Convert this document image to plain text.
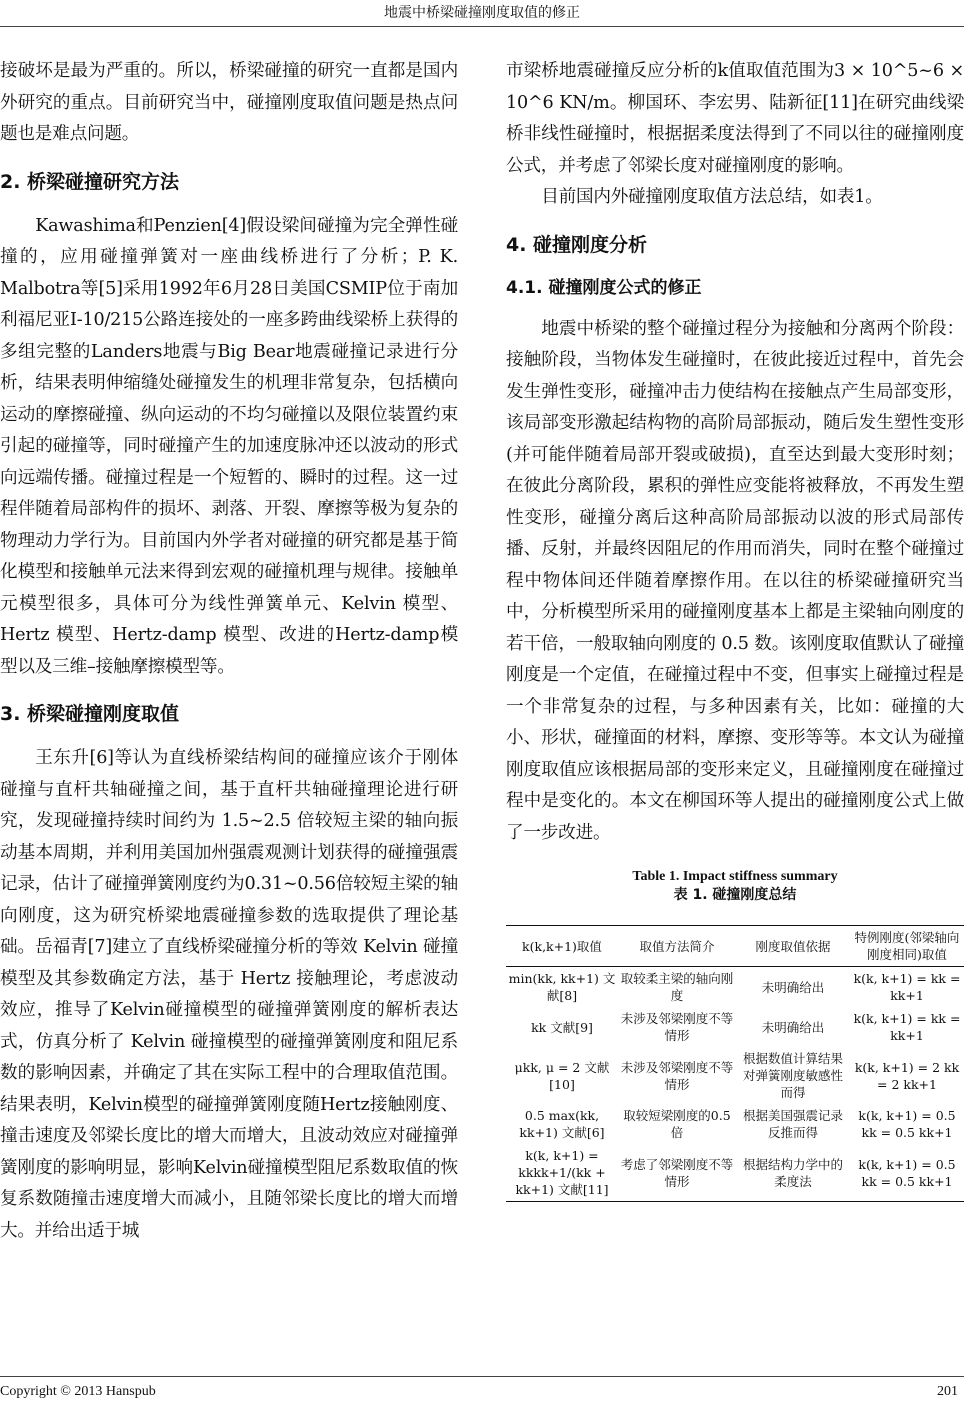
地震中桥梁碰撞刚度取值的修正

接破坏是最为严重的。所以，桥梁碰撞的研究一直都是国内外研究的重点。目前研究当中，碰撞刚度取值问题是热点问题也是难点问题。

2. 桥梁碰撞研究方法

Kawashima和Penzien[4]假设梁间碰撞为完全弹性碰撞的，应用碰撞弹簧对一座曲线桥进行了分析；P. K. Malbotra等[5]采用1992年6月28日美国CSMIP位于南加利福尼亚I-10/215公路连接处的一座多跨曲线梁桥上获得的多组完整的Landers地震与Big Bear地震碰撞记录进行分析，结果表明伸缩缝处碰撞发生的机理非常复杂，包括横向运动的摩擦碰撞、纵向运动的不均匀碰撞以及限位装置约束引起的碰撞等，同时碰撞产生的加速度脉冲还以波动的形式向远端传播。碰撞过程是一个短暂的、瞬时的过程。这一过程伴随着局部构件的损坏、剥落、开裂、摩擦等极为复杂的物理动力学行为。目前国内外学者对碰撞的研究都是基于简化模型和接触单元法来得到宏观的碰撞机理与规律。接触单元模型很多，具体可分为线性弹簧单元、Kelvin 模型、Hertz 模型、Hertz-damp 模型、改进的Hertz-damp模型以及三维–接触摩擦模型等。

3. 桥梁碰撞刚度取值

王东升[6]等认为直线桥梁结构间的碰撞应该介于刚体碰撞与直杆共轴碰撞之间，基于直杆共轴碰撞理论进行研究，发现碰撞持续时间约为 1.5~2.5 倍较短主梁的轴向振动基本周期，并利用美国加州强震观测计划获得的碰撞强震记录，估计了碰撞弹簧刚度约为0.31~0.56倍较短主梁的轴向刚度，这为研究桥梁地震碰撞参数的选取提供了理论基础。岳福青[7]建立了直线桥梁碰撞分析的等效 Kelvin 碰撞模型及其参数确定方法，基于 Hertz 接触理论，考虑波动效应，推导了Kelvin碰撞模型的碰撞弹簧刚度的解析表达式，仿真分析了 Kelvin 碰撞模型的碰撞弹簧刚度和阻尼系数的影响因素，并确定了其在实际工程中的合理取值范围。结果表明，Kelvin模型的碰撞弹簧刚度随Hertz接触刚度、撞击速度及邻梁长度比的增大而增大，且波动效应对碰撞弹簧刚度的影响明显，影响Kelvin碰撞模型阻尼系数取值的恢复系数随撞击速度增大而减小，且随邻梁长度比的增大而增大。并给出适于城

市梁桥地震碰撞反应分析的k值取值范围为3 × 10^5~6 × 10^6 KN/m。柳国环、李宏男、陆新征[11]在研究曲线梁桥非线性碰撞时，根据据柔度法得到了不同以往的碰撞刚度公式，并考虑了邻梁长度对碰撞刚度的影响。

目前国内外碰撞刚度取值方法总结，如表1。

4. 碰撞刚度分析
4.1. 碰撞刚度公式的修正

地震中桥梁的整个碰撞过程分为接触和分离两个阶段：接触阶段，当物体发生碰撞时，在彼此接近过程中，首先会发生弹性变形，碰撞冲击力使结构在接触点产生局部变形，该局部变形激起结构物的高阶局部振动，随后发生塑性变形(并可能伴随着局部开裂或破损)，直至达到最大变形时刻；在彼此分离阶段，累积的弹性应变能将被释放，不再发生塑性变形，碰撞分离后这种高阶局部振动以波的形式局部传播、反射，并最终因阻尼的作用而消失，同时在整个碰撞过程中物体间还伴随着摩擦作用。在以往的桥梁碰撞研究当中，分析模型所采用的碰撞刚度基本上都是主梁轴向刚度的若干倍，一般取轴向刚度的 0.5 数。该刚度取值默认了碰撞刚度是一个定值，在碰撞过程中不变，但事实上碰撞过程是一个非常复杂的过程，与多种因素有关，比如：碰撞的大小、形状，碰撞面的材料，摩擦、变形等等。本文认为碰撞刚度取值应该根据局部的变形来定义，且碰撞刚度在碰撞过程中是变化的。本文在柳国环等人提出的碰撞刚度公式上做了一步改进。

Table 1. Impact stiffness summary
表 1. 碰撞刚度总结
k(k,k+1)取值	取值方法简介	刚度取值依据	特例刚度(邻梁轴向刚度相同)取值
min(kk, kk+1) 文献[8]	取较柔主梁的轴向刚度	未明确给出	k(k, k+1) = kk = kk+1
kk 文献[9]	未涉及邻梁刚度不等情形	未明确给出	k(k, k+1) = kk = kk+1
μkk, μ = 2 文献[10]	未涉及邻梁刚度不等情形	根据数值计算结果对弹簧刚度敏感性而得	k(k, k+1) = 2 kk = 2 kk+1
0.5 max(kk, kk+1) 文献[6]	取较短梁刚度的0.5倍	根据美国强震记录反推而得	k(k, k+1) = 0.5 kk = 0.5 kk+1
k(k, k+1) = kkkk+1/(kk + kk+1) 文献[11]	考虑了邻梁刚度不等情形	根据结构力学中的柔度法	k(k, k+1) = 0.5 kk = 0.5 kk+1
Copyright © 2013 Hanspub	201
